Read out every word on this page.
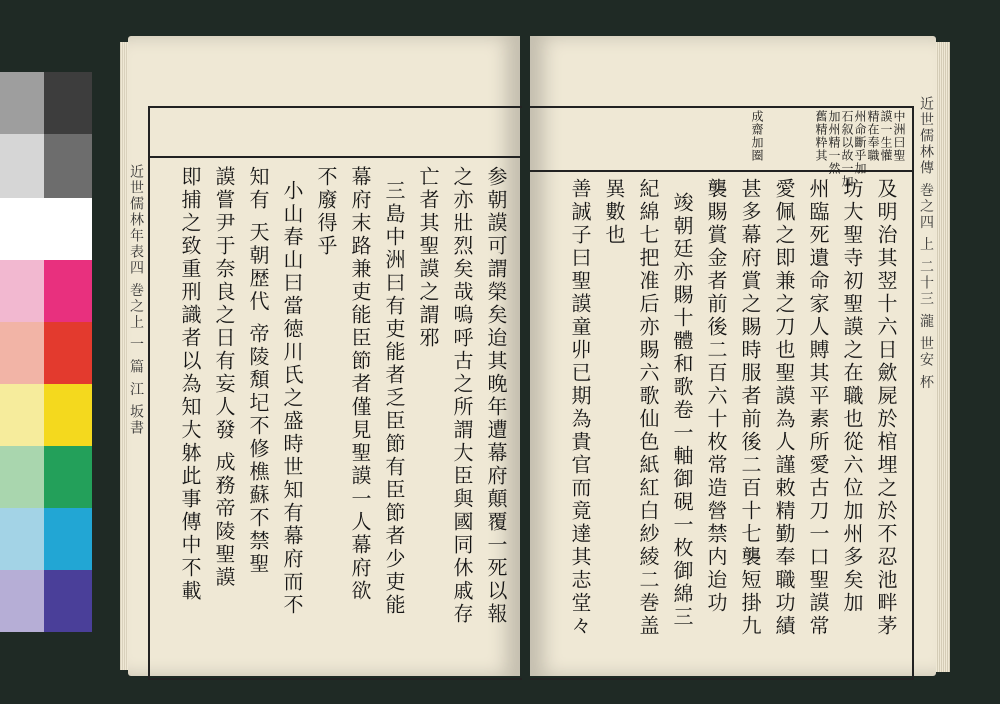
近世儒林年表四 巻之上 一 篇 江 坂書	参朝謨可謂榮矣迨其晚年遭幕府顛覆一死以報
之亦壯烈矣哉嗚呼古之所謂大臣與國同休戚存
亡者其聖謨之謂邪
三島中洲曰有吏能者乏臣節有臣節者少吏能
幕府末路兼吏能臣節者僅見聖謨一人幕府欲
不廢得乎
小山春山曰當徳川氏之盛時世知有幕府而不
知有 天朝歴代 帝陵頽圮不修樵蘇不禁聖
謨嘗尹于奈良之日有妄人發 成務帝陵聖謨
即捕之致重刑識者以為知大躰此事傳中不載	近世儒林傳 巻之四 上 二十三 瀧 世安 杯
中洲曰聖
謨一生懽
精在奉職
州命斷乎加
石叙以故一加
加州精一然
舊精粋其
成齋加圈
及明治其翌十六日歛屍於棺埋之於不忍池畔茅
坊大聖寺初聖謨之在職也從六位加州多矣加
州臨死遺命家人賻其平素所愛古刀一口聖謨常
愛佩之即兼之刀也聖謨為人謹敕精勤奉職功績
甚多幕府賞之賜時服者前後二百十七襲短掛九
襲賜賞金者前後二百六十枚常造營禁内迨功
竣朝廷亦賜十體和歌卷一軸御硯一枚御綿三
紀綿七把准后亦賜六歌仙色紙紅白紗綾二巻盖
異數也
善誠子曰聖謨童丱已期為貴官而竟達其志堂々
